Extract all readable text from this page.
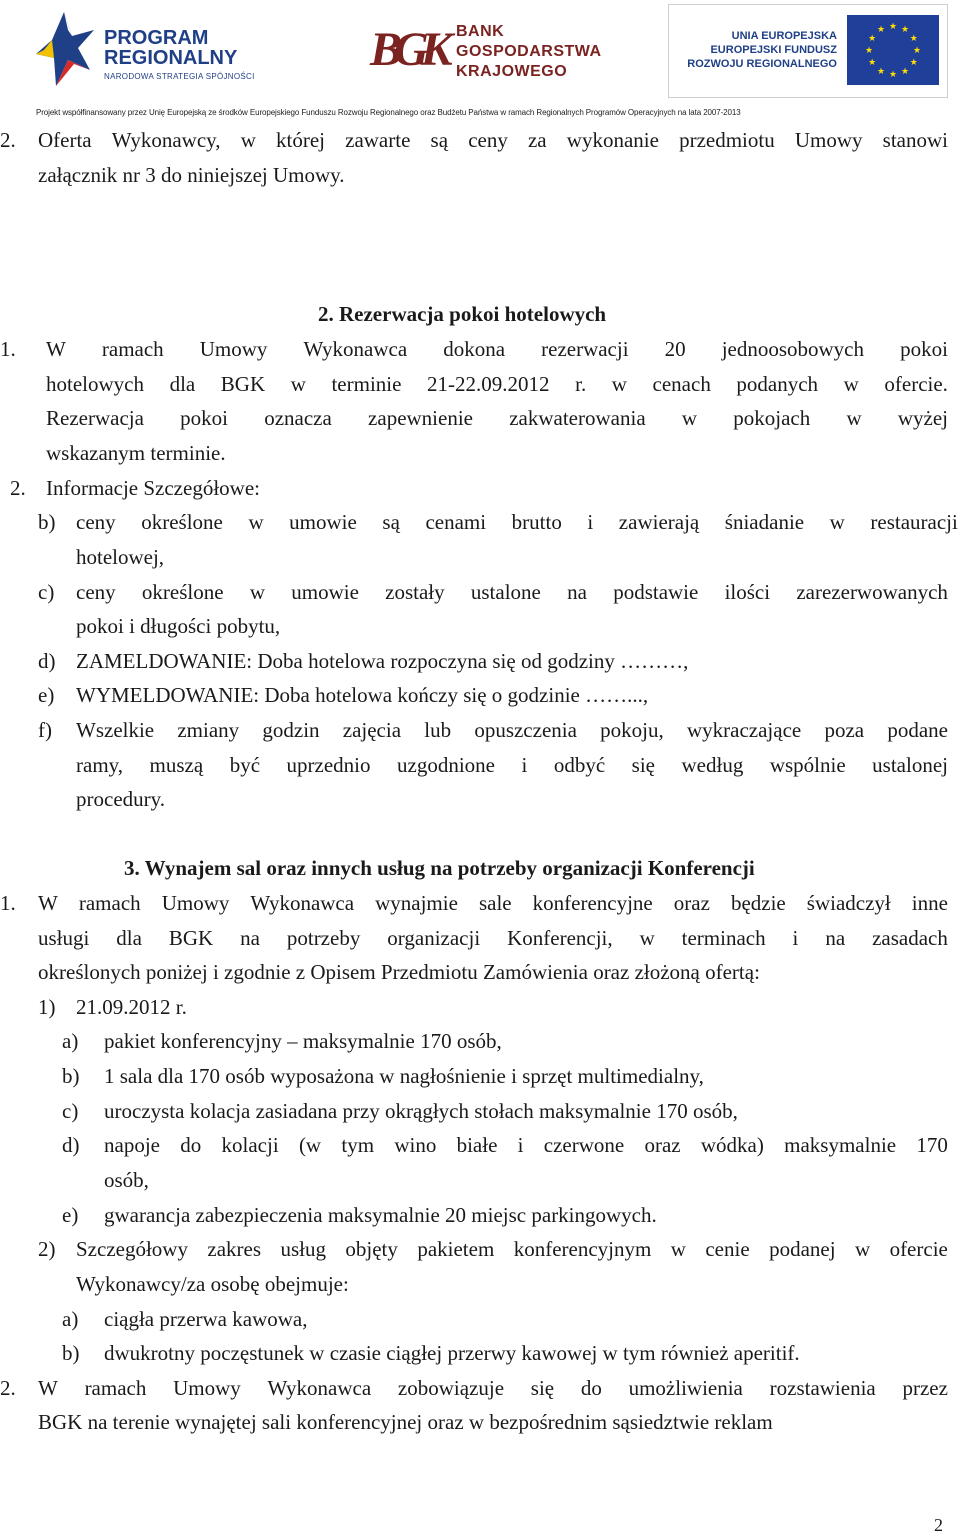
PROGRAM
REGIONALNY
NARODOWA STRATEGIA SPÓJNOŚCI
BGK BANK
GOSPODARSTWA
KRAJOWEGO
UNIA EUROPEJSKA
EUROPEJSKI FUNDUSZ
ROZWOJU REGIONALNEGO
★ ★
★
★
★
★
★
★
★
★
★
★
Projekt współfinansowany przez Unię Europejską ze środków Europejskiego Funduszu Rozwoju Regionalnego oraz Budżetu Państwa w ramach Regionalnych Programów Operacyjnych na lata 2007-2013
2. Oferta Wykonawcy, w której zawarte są ceny za wykonanie przedmiotu Umowy stanowi
załącznik nr 3 do niniejszej Umowy.
2. Rezerwacja pokoi hotelowych
1. W ramach Umowy Wykonawca dokona rezerwacji 20 jednoosobowych pokoi
hotelowych dla BGK w terminie 21-22.09.2012 r. w cenach podanych w ofercie.
Rezerwacja pokoi oznacza zapewnienie zakwaterowania w pokojach w wyżej
wskazanym terminie.
2. Informacje Szczegółowe:
b) ceny określone w umowie są cenami brutto i zawierają śniadanie w restauracji
hotelowej,
c) ceny określone w umowie zostały ustalone na podstawie ilości zarezerwowanych
pokoi i długości pobytu,
d) ZAMELDOWANIE: Doba hotelowa rozpoczyna się od godziny ………,
e) WYMELDOWANIE: Doba hotelowa kończy się o godzinie ……...,
f) Wszelkie zmiany godzin zajęcia lub opuszczenia pokoju, wykraczające poza podane
ramy, muszą być uprzednio uzgodnione i odbyć się według wspólnie ustalonej
procedury.
3. Wynajem sal oraz innych usług na potrzeby organizacji Konferencji
1. W ramach Umowy Wykonawca wynajmie sale konferencyjne oraz będzie świadczył inne
usługi dla BGK na potrzeby organizacji Konferencji, w terminach i na zasadach
określonych poniżej i zgodnie z Opisem Przedmiotu Zamówienia oraz złożoną ofertą:
1) 21.09.2012 r.
a) pakiet konferencyjny – maksymalnie 170 osób,
b) 1 sala dla 170 osób wyposażona w nagłośnienie i sprzęt multimedialny,
c) uroczysta kolacja zasiadana przy okrągłych stołach maksymalnie 170 osób,
d) napoje do kolacji (w tym wino białe i czerwone oraz wódka) maksymalnie 170
osób,
e) gwarancja zabezpieczenia maksymalnie 20 miejsc parkingowych.
2) Szczegółowy zakres usług objęty pakietem konferencyjnym w cenie podanej w ofercie
Wykonawcy/za osobę obejmuje:
a) ciągła przerwa kawowa,
b) dwukrotny poczęstunek w czasie ciągłej przerwy kawowej w tym również aperitif.
2. W ramach Umowy Wykonawca zobowiązuje się do umożliwienia rozstawienia przez
BGK na terenie wynajętej sali konferencyjnej oraz w bezpośrednim sąsiedztwie reklam
2
